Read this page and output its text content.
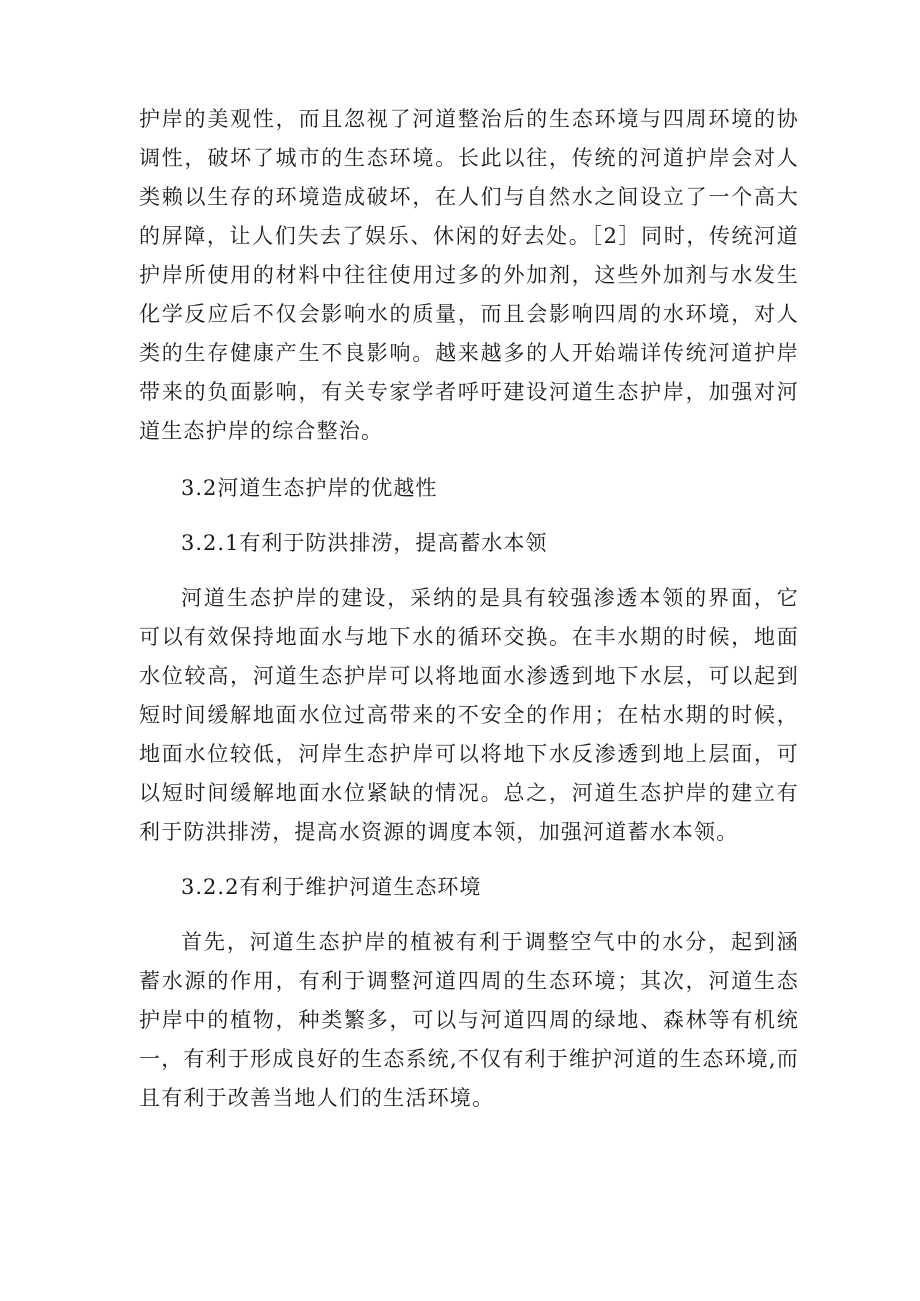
护岸的美观性，而且忽视了河道整治后的生态环境与四周环境的协调性，破坏了城市的生态环境。长此以往，传统的河道护岸会对人类赖以生存的环境造成破坏，在人们与自然水之间设立了一个高大的屏障，让人们失去了娱乐、休闲的好去处。［2］同时，传统河道护岸所使用的材料中往往使用过多的外加剂，这些外加剂与水发生化学反应后不仅会影响水的质量，而且会影响四周的水环境，对人类的生存健康产生不良影响。越来越多的人开始端详传统河道护岸带来的负面影响，有关专家学者呼吁建设河道生态护岸，加强对河道生态护岸的综合整治。

3.2河道生态护岸的优越性

3.2.1有利于防洪排涝，提高蓄水本领

河道生态护岸的建设，采纳的是具有较强渗透本领的界面，它可以有效保持地面水与地下水的循环交换。在丰水期的时候，地面水位较高，河道生态护岸可以将地面水渗透到地下水层，可以起到短时间缓解地面水位过高带来的不安全的作用；在枯水期的时候，地面水位较低，河岸生态护岸可以将地下水反渗透到地上层面，可以短时间缓解地面水位紧缺的情况。总之，河道生态护岸的建立有利于防洪排涝，提高水资源的调度本领，加强河道蓄水本领。

3.2.2有利于维护河道生态环境

首先，河道生态护岸的植被有利于调整空气中的水分，起到涵蓄水源的作用，有利于调整河道四周的生态环境；其次，河道生态护岸中的植物，种类繁多，可以与河道四周的绿地、森林等有机统一，有利于形成良好的生态系统,不仅有利于维护河道的生态环境,而且有利于改善当地人们的生活环境。
